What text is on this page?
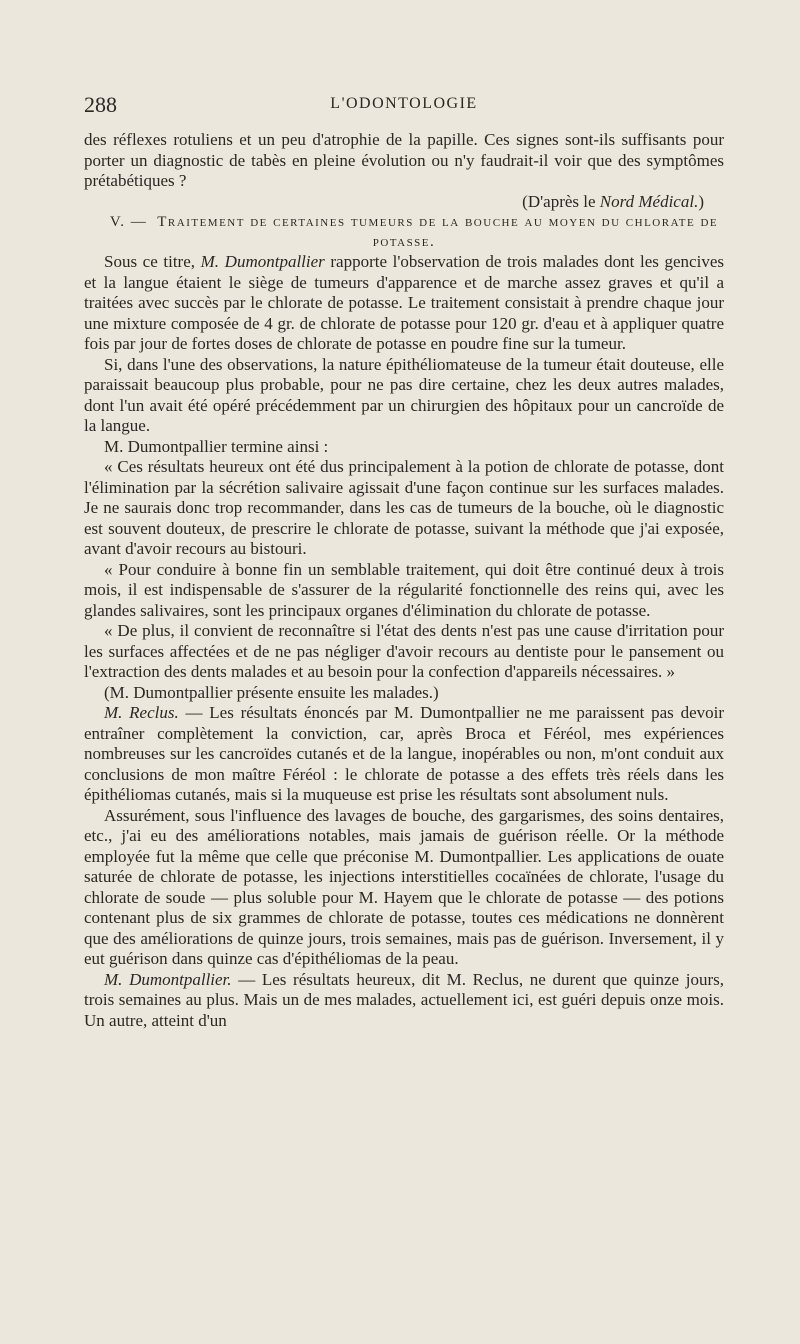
288	L'ODONTOLOGIE

des réflexes rotuliens et un peu d'atrophie de la papille. Ces signes sont-ils suffisants pour porter un diagnostic de tabès en pleine évolution ou n'y faudrait-il voir que des symptômes prétabétiques ?

(D'après le Nord Médical.)

V. — Traitement de certaines tumeurs de la bouche au moyen du chlorate de potasse.

Sous ce titre, M. Dumontpallier rapporte l'observation de trois malades dont les gencives et la langue étaient le siège de tumeurs d'apparence et de marche assez graves et qu'il a traitées avec succès par le chlorate de potasse. Le traitement consistait à prendre chaque jour une mixture composée de 4 gr. de chlorate de potasse pour 120 gr. d'eau et à appliquer quatre fois par jour de fortes doses de chlorate de potasse en poudre fine sur la tumeur.

Si, dans l'une des observations, la nature épithéliomateuse de la tumeur était douteuse, elle paraissait beaucoup plus probable, pour ne pas dire certaine, chez les deux autres malades, dont l'un avait été opéré précédemment par un chirurgien des hôpitaux pour un cancroïde de la langue.

M. Dumontpallier termine ainsi :

« Ces résultats heureux ont été dus principalement à la potion de chlorate de potasse, dont l'élimination par la sécrétion salivaire agissait d'une façon continue sur les surfaces malades. Je ne saurais donc trop recommander, dans les cas de tumeurs de la bouche, où le diagnostic est souvent douteux, de prescrire le chlorate de potasse, suivant la méthode que j'ai exposée, avant d'avoir recours au bistouri.

« Pour conduire à bonne fin un semblable traitement, qui doit être continué deux à trois mois, il est indispensable de s'assurer de la régularité fonctionnelle des reins qui, avec les glandes salivaires, sont les principaux organes d'élimination du chlorate de potasse.

« De plus, il convient de reconnaître si l'état des dents n'est pas une cause d'irritation pour les surfaces affectées et de ne pas négliger d'avoir recours au dentiste pour le pansement ou l'extraction des dents malades et au besoin pour la confection d'appareils nécessaires. »

(M. Dumontpallier présente ensuite les malades.)

M. Reclus. — Les résultats énoncés par M. Dumontpallier ne me paraissent pas devoir entraîner complètement la conviction, car, après Broca et Féréol, mes expériences nombreuses sur les cancroïdes cutanés et de la langue, inopérables ou non, m'ont conduit aux conclusions de mon maître Féréol : le chlorate de potasse a des effets très réels dans les épithéliomas cutanés, mais si la muqueuse est prise les résultats sont absolument nuls.

Assurément, sous l'influence des lavages de bouche, des gargarismes, des soins dentaires, etc., j'ai eu des améliorations notables, mais jamais de guérison réelle. Or la méthode employée fut la même que celle que préconise M. Dumontpallier. Les applications de ouate saturée de chlorate de potasse, les injections interstitielles cocaïnées de chlorate, l'usage du chlorate de soude — plus soluble pour M. Hayem que le chlorate de potasse — des potions contenant plus de six grammes de chlorate de potasse, toutes ces médications ne donnèrent que des améliorations de quinze jours, trois semaines, mais pas de guérison. Inversement, il y eut guérison dans quinze cas d'épithéliomas de la peau.

M. Dumontpallier. — Les résultats heureux, dit M. Reclus, ne durent que quinze jours, trois semaines au plus. Mais un de mes malades, actuellement ici, est guéri depuis onze mois. Un autre, atteint d'un
